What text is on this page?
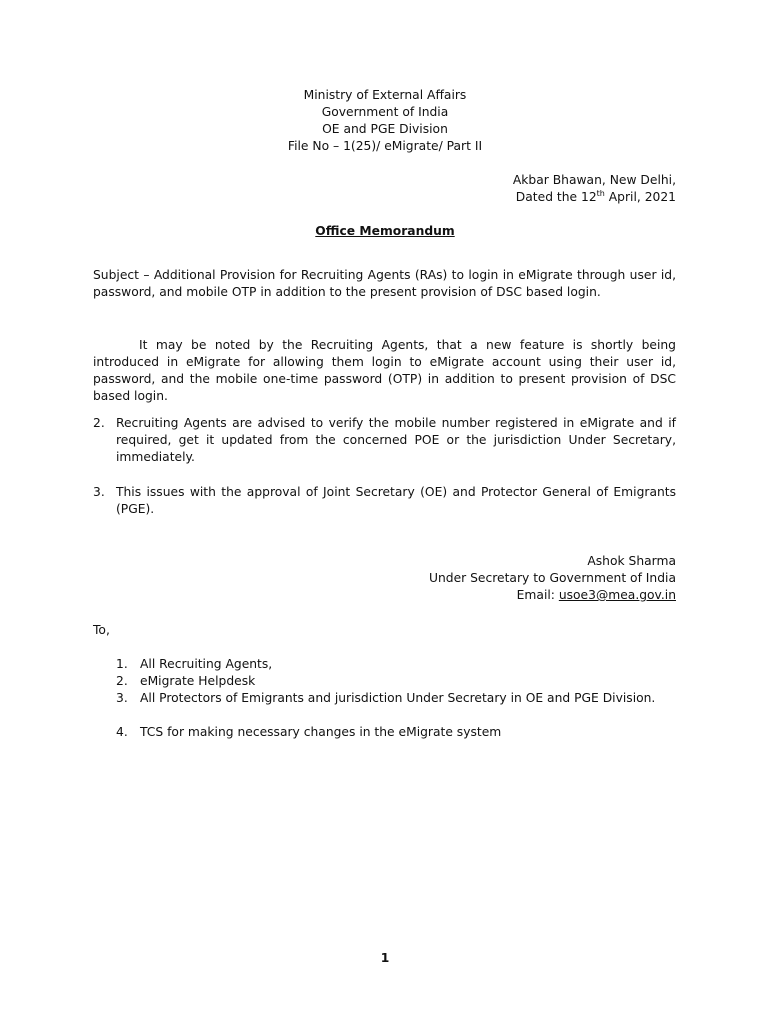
Ministry of External Affairs
Government of India
OE and PGE Division
File No – 1(25)/ eMigrate/ Part II
Akbar Bhawan, New Delhi,
Dated the 12th April, 2021
Office Memorandum
Subject – Additional Provision for Recruiting Agents (RAs) to login in eMigrate through user id, password, and mobile OTP in addition to the present provision of DSC based login.
It may be noted by the Recruiting Agents, that a new feature is shortly being introduced in eMigrate for allowing them login to eMigrate account using their user id, password, and the mobile one-time password (OTP) in addition to present provision of DSC based login.
2. Recruiting Agents are advised to verify the mobile number registered in eMigrate and if required, get it updated from the concerned POE or the jurisdiction Under Secretary, immediately.
3. This issues with the approval of Joint Secretary (OE) and Protector General of Emigrants (PGE).
Ashok Sharma
Under Secretary to Government of India
Email: usoe3@mea.gov.in
To,
1. All Recruiting Agents,
2. eMigrate Helpdesk
3. All Protectors of Emigrants and jurisdiction Under Secretary in OE and PGE Division.
4. TCS for making necessary changes in the eMigrate system
1
